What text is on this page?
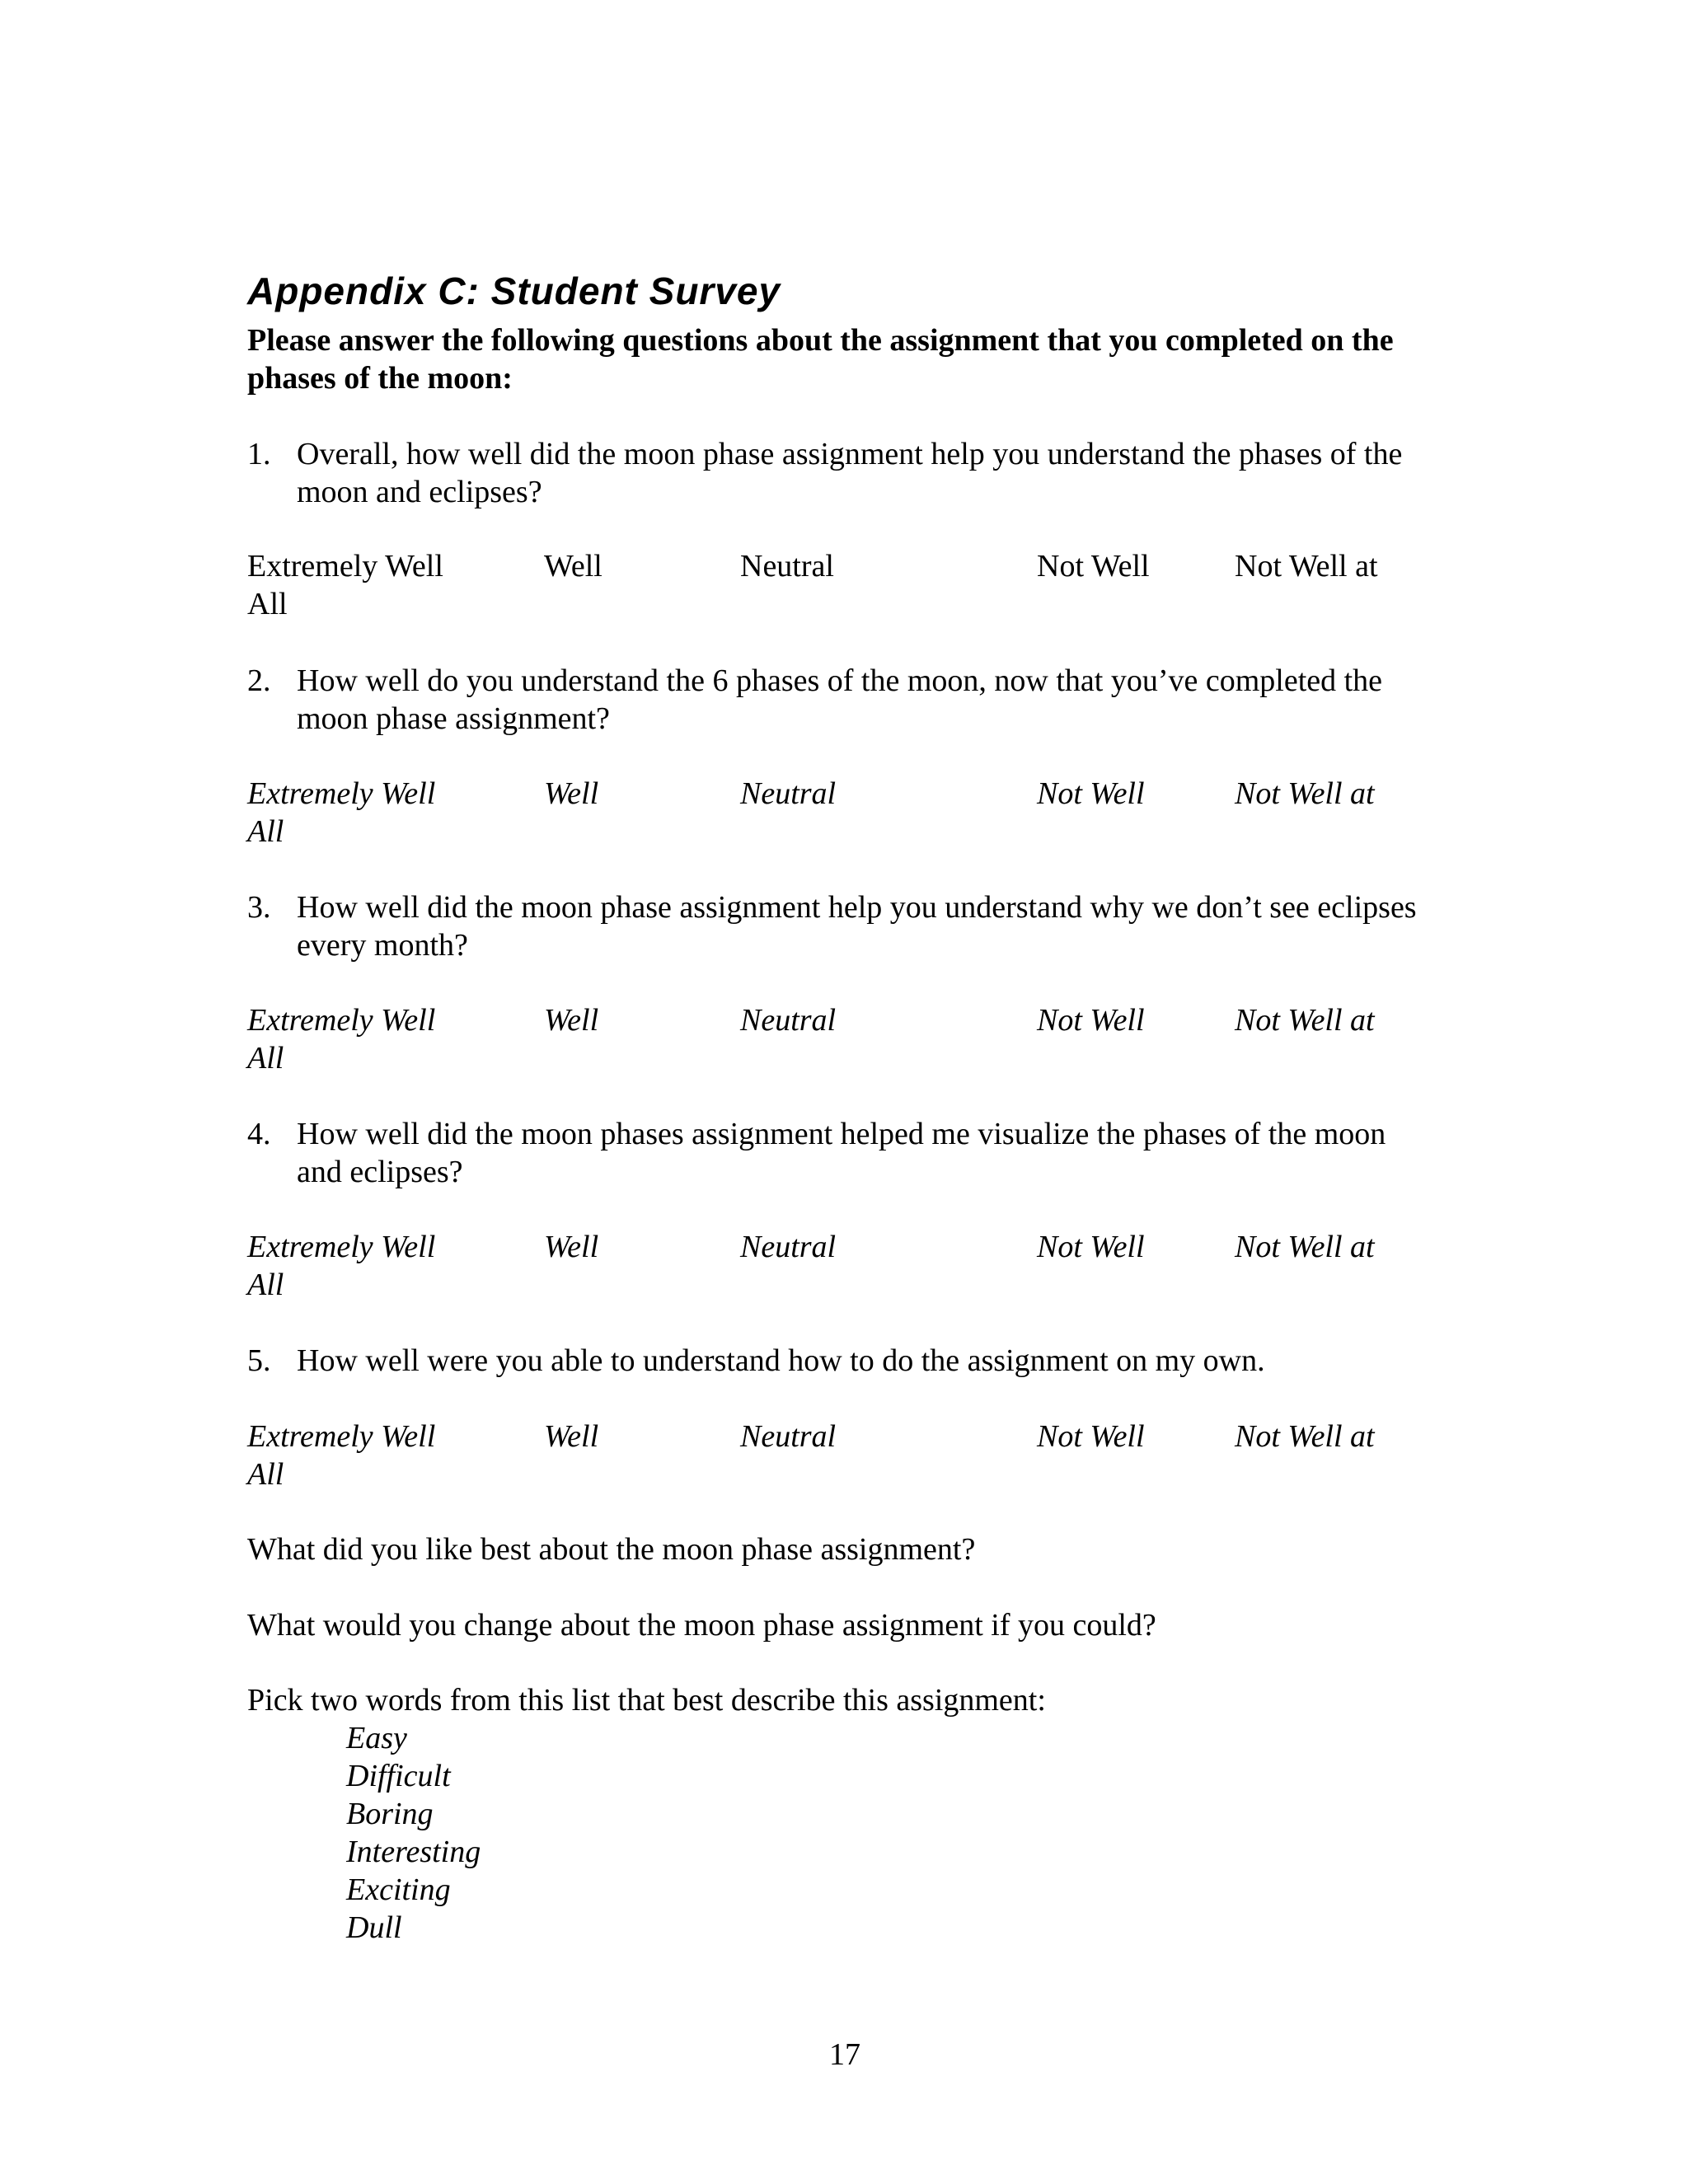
Appendix C: Student Survey

Please answer the following questions about the assignment that you completed on the phases of the moon:

1. Overall, how well did the moon phase assignment help you understand the phases of the moon and eclipses?
Extremely Well	Well	Neutral	Not Well	Not Well at
All
2. How well do you understand the 6 phases of the moon, now that you’ve completed the moon phase assignment?
Extremely Well	Well	Neutral	Not Well	Not Well at
All
3. How well did the moon phase assignment help you understand why we don’t see eclipses every month?
Extremely Well	Well	Neutral	Not Well	Not Well at
All
4. How well did the moon phases assignment helped me visualize the phases of the moon and eclipses?
Extremely Well	Well	Neutral	Not Well	Not Well at
All
5. How well were you able to understand how to do the assignment on my own.
Extremely Well	Well	Neutral	Not Well	Not Well at
All
What did you like best about the moon phase assignment?
What would you change about the moon phase assignment if you could?
Pick two words from this list that best describe this assignment:
Easy
Difficult
Boring
Interesting
Exciting
Dull
17
